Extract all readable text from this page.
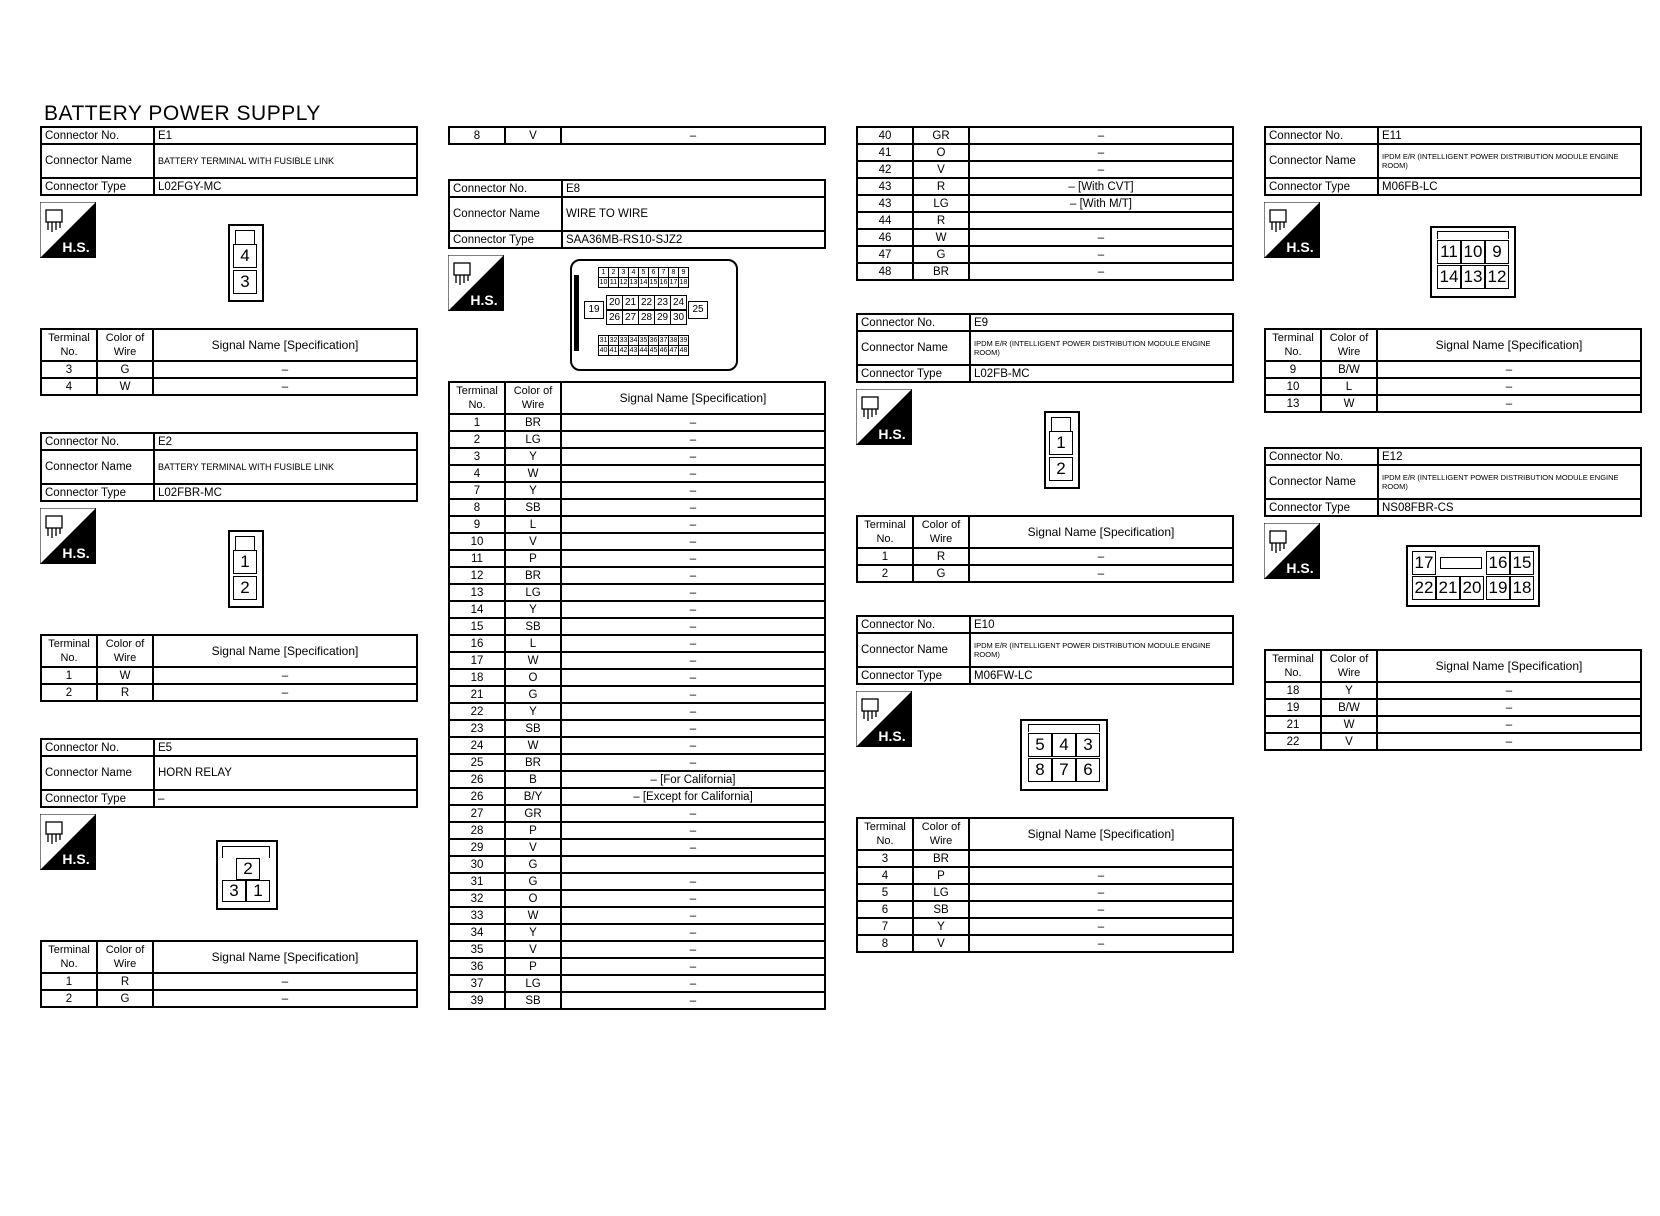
BATTERY POWER SUPPLY
Connector No.	E1
Connector Name	BATTERY TERMINAL WITH FUSIBLE LINK
Connector Type	L02FGY-MC
H.S.	4
3
Terminal No.	Color of Wire	Signal Name [Specification]
3	G	–
4	W	–
Connector No.	E2
Connector Name	BATTERY TERMINAL WITH FUSIBLE LINK
Connector Type	L02FBR-MC
H.S.	1
2
Terminal No.	Color of Wire	Signal Name [Specification]
1	W	–
2	R	–
Connector No.	E5
Connector Name	HORN RELAY
Connector Type	–
H.S.	2
3 1
Terminal No.	Color of Wire	Signal Name [Specification]
1	R	–
2	G	–
8	V	–
Connector No.	E8
Connector Name	WIRE TO WIRE
Connector Type	SAA36MB-RS10-SJZ2
H.S.
1 2 3 4 5 6 7 8 9
10 11 12 13 14 15 16 17 18
19
20 21 22 23 24
26 27 28 29 30
25
31 32 33 34 35 36 37 38 39
40 41 42 43 44 45 46 47 48
Terminal No.	Color of Wire	Signal Name [Specification]
1	BR	–
2	LG	–
3	Y	–
4	W	–
7	Y	–
8	SB	–
9	L	–
10	V	–
11	P	–
12	BR	–
13	LG	–
14	Y	–
15	SB	–
16	L	–
17	W	–
18	O	–
21	G	–
22	Y	–
23	SB	–
24	W	–
25	BR	–
26	B	– [For California]
26	B/Y	– [Except for California]
27	GR	–
28	P	–
29	V	–
30	G	
31	G	–
32	O	–
33	W	–
34	Y	–
35	V	–
36	P	–
37	LG	–
39	SB	–
40	GR	–
41	O	–
42	V	–
43	R	– [With CVT]
43	LG	– [With M/T]
44	R	
46	W	–
47	G	–
48	BR	–
Connector No.	E9
Connector Name	IPDM E/R (INTELLIGENT POWER DISTRIBUTION MODULE ENGINE ROOM)
Connector Type	L02FB-MC
H.S.	1
2
Terminal No.	Color of Wire	Signal Name [Specification]
1	R	–
2	G	–
Connector No.	E10
Connector Name	IPDM E/R (INTELLIGENT POWER DISTRIBUTION MODULE ENGINE ROOM)
Connector Type	M06FW-LC
H.S.	5 4 3
8 7 6
Terminal No.	Color of Wire	Signal Name [Specification]
3	BR	
4	P	–
5	LG	–
6	SB	–
7	Y	–
8	V	–
Connector No.	E11
Connector Name	IPDM E/R (INTELLIGENT POWER DISTRIBUTION MODULE ENGINE ROOM)
Connector Type	M06FB-LC
H.S.	11 10 9
14 13 12
Terminal No.	Color of Wire	Signal Name [Specification]
9	B/W	–
10	L	–
13	W	–
Connector No.	E12
Connector Name	IPDM E/R (INTELLIGENT POWER DISTRIBUTION MODULE ENGINE ROOM)
Connector Type	NS08FBR-CS
H.S.	17	16 15
22 21 20 19 18
Terminal No.	Color of Wire	Signal Name [Specification]
18	Y	–
19	B/W	–
21	W	–
22	V	–
